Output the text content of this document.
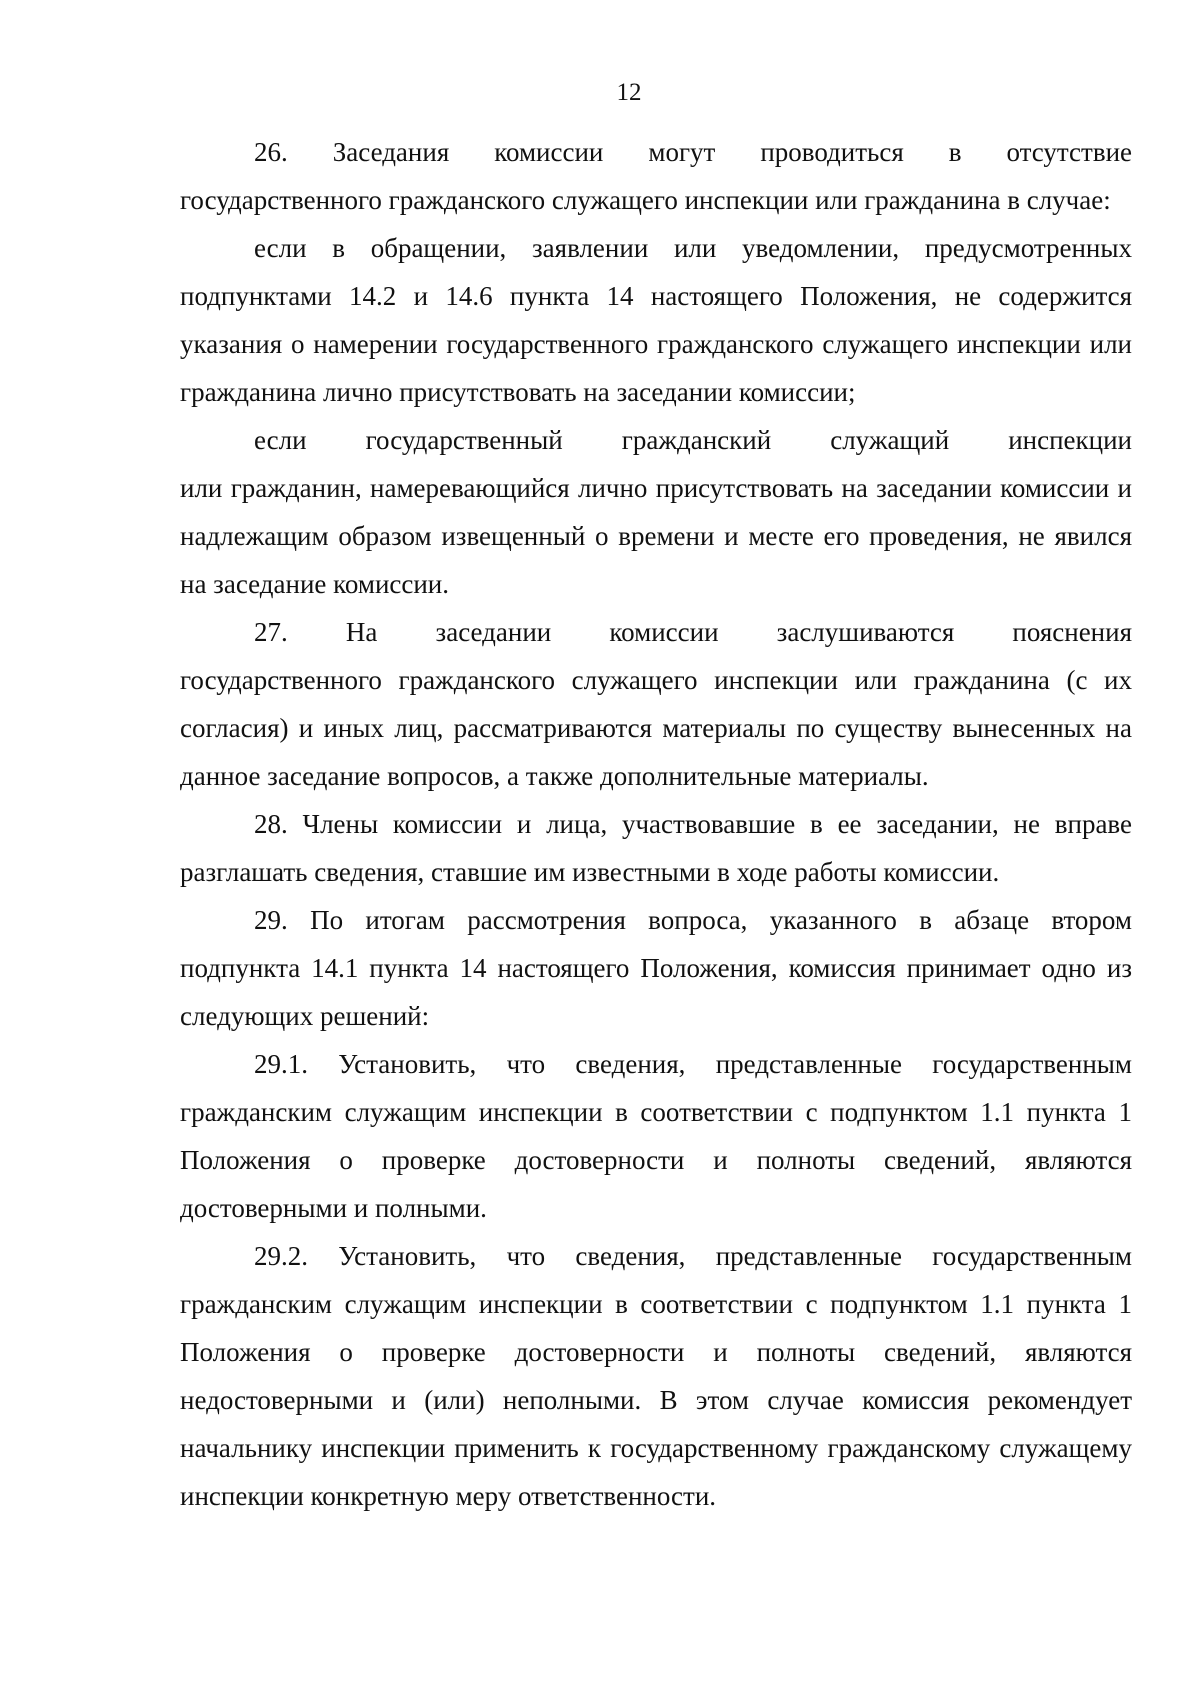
12

26. Заседания комиссии могут проводиться в отсутствие

государственного гражданского служащего инспекции или гражданина в случае:

если в обращении, заявлении или уведомлении, предусмотренных подпунктами 14.2 и 14.6 пункта 14 настоящего Положения, не содержится указания о намерении государственного гражданского служащего инспекции или гражданина лично присутствовать на заседании комиссии;

если государственный гражданский служащий инспекции

или гражданин, намеревающийся лично присутствовать на заседании комиссии и надлежащим образом извещенный о времени и месте его проведения, не явился на заседание комиссии.

27. На заседании комиссии заслушиваются пояснения

государственного гражданского служащего инспекции или гражданина (с их согласия) и иных лиц, рассматриваются материалы по существу вынесенных на данное заседание вопросов, а также дополнительные материалы.

28. Члены комиссии и лица, участвовавшие в ее заседании, не вправе разглашать сведения, ставшие им известными в ходе работы комиссии.

29. По итогам рассмотрения вопроса, указанного в абзаце втором подпункта 14.1 пункта 14 настоящего Положения, комиссия принимает одно из следующих решений:

29.1. Установить, что сведения, представленные государственным гражданским служащим инспекции в соответствии с подпунктом 1.1 пункта 1 Положения о проверке достоверности и полноты сведений, являются достоверными и полными.

29.2. Установить, что сведения, представленные государственным гражданским служащим инспекции в соответствии с подпунктом 1.1 пункта 1 Положения о проверке достоверности и полноты сведений, являются недостоверными и (или) неполными. В этом случае комиссия рекомендует начальнику инспекции применить к государственному гражданскому служащему инспекции конкретную меру ответственности.
